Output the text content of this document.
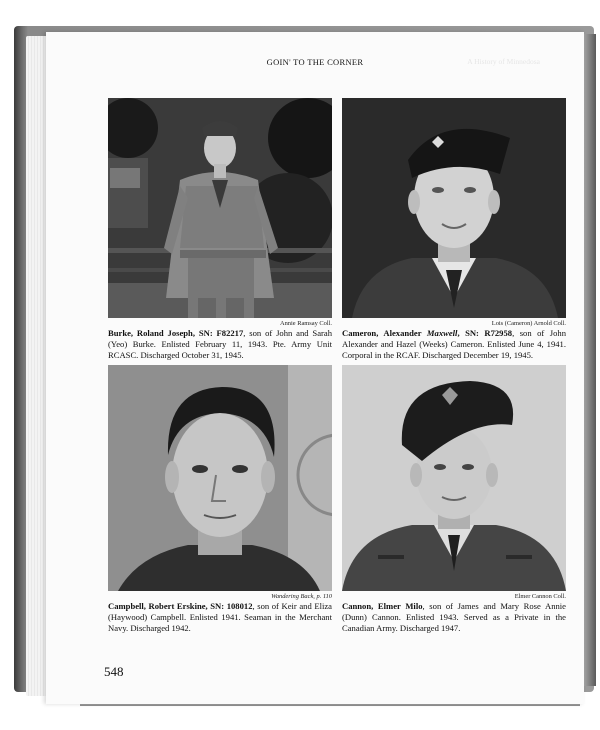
A History of Minnedosa
GOIN' TO THE CORNER
Annie Ramsay Coll.
Burke, Roland Joseph, SN: F82217, son of John and Sarah (Yeo) Burke. Enlisted February 11, 1943. Pte. Army Unit RCASC. Discharged October 31, 1945.
Lois (Cameron) Arnold Coll.
Cameron, Alexander Maxwell, SN: R72958, son of John Alexander and Hazel (Weeks) Cameron. Enlisted June 4, 1941. Corporal in the RCAF. Discharged December 19, 1945.
Wandering Back, p. 110
Campbell, Robert Erskine, SN: 108012, son of Keir and Eliza (Haywood) Campbell. Enlisted 1941. Seaman in the Merchant Navy. Discharged 1942.
Elmer Cannon Coll.
Cannon, Elmer Milo, son of James and Mary Rose Annie (Dunn) Cannon. Enlisted 1943. Served as a Private in the Canadian Army. Discharged 1947.
548
